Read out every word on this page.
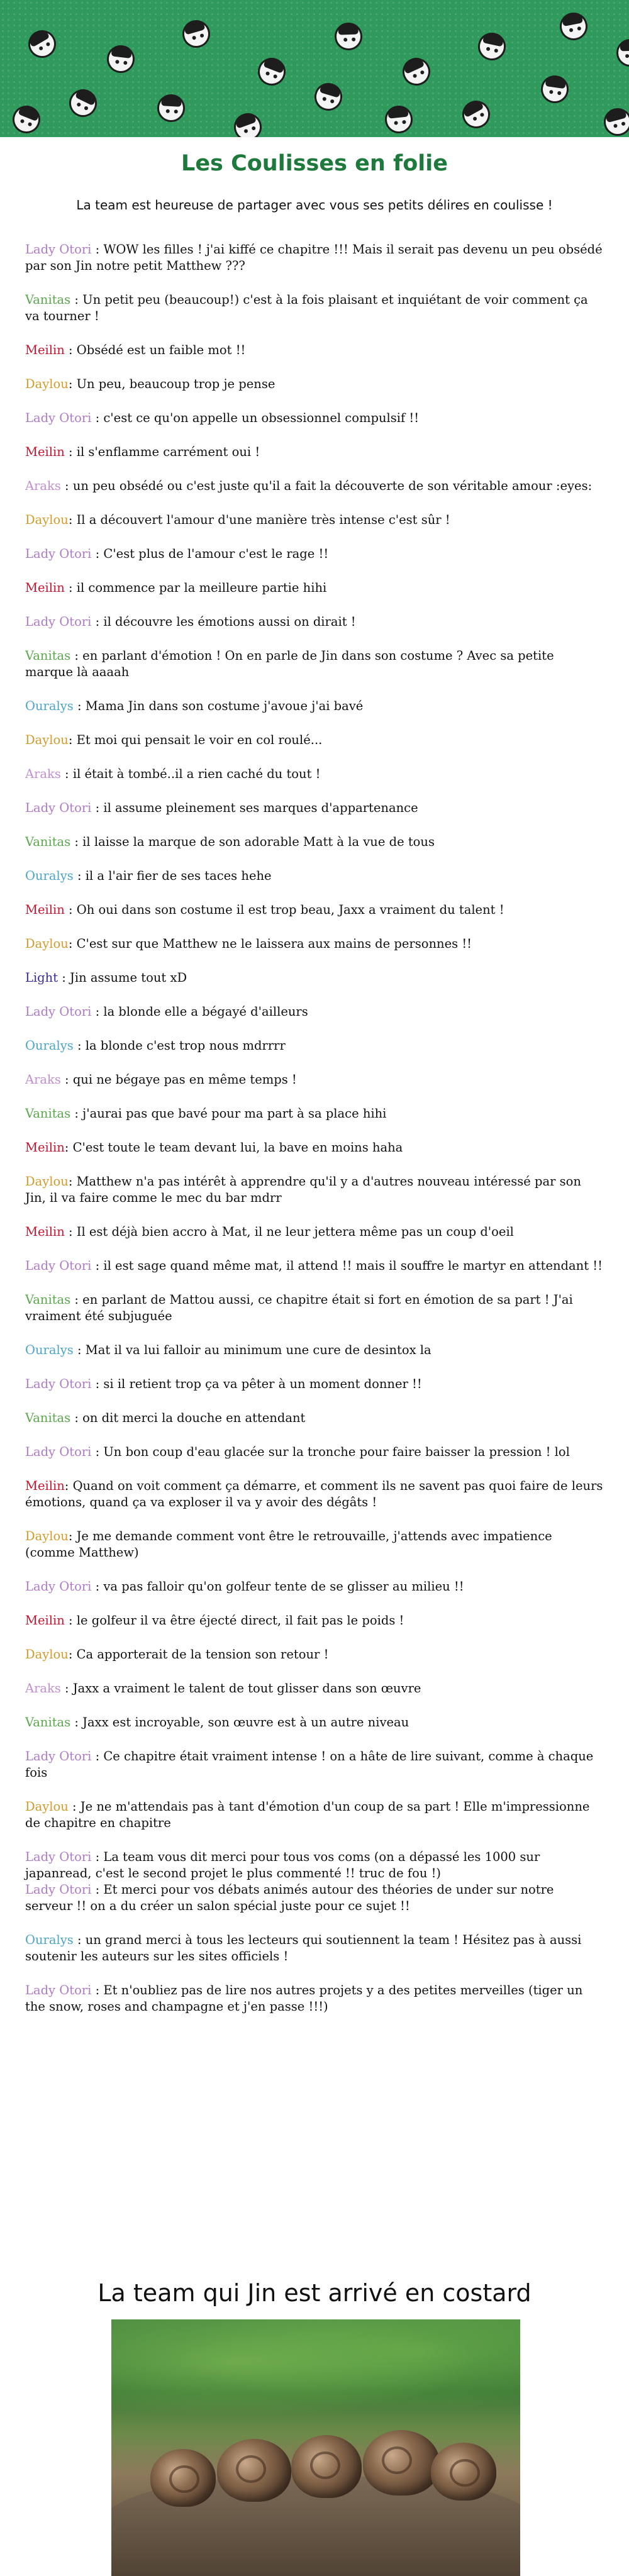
Les Coulisses en folie
La team est heureuse de partager avec vous ses petits délires en coulisse !

Lady Otori : WOW les filles ! j'ai kiffé ce chapitre !!! Mais il serait pas devenu un peu obsédé par son Jin notre petit Matthew ???

Vanitas : Un petit peu (beaucoup!) c'est à la fois plaisant et inquiétant de voir comment ça va tourner !

Meilin : Obsédé est un faible mot !!

Daylou: Un peu, beaucoup trop je pense

Lady Otori : c'est ce qu'on appelle un obsessionnel compulsif !!

Meilin : il s'enflamme carrément oui !

Araks : un peu obsédé ou c'est juste qu'il a fait la découverte de son véritable amour :eyes:

Daylou: Il a découvert l'amour d'une manière très intense c'est sûr !

Lady Otori : C'est plus de l'amour c'est le rage !!

Meilin : il commence par la meilleure partie hihi

Lady Otori : il découvre les émotions aussi on dirait !

Vanitas : en parlant d'émotion ! On en parle de Jin dans son costume ? Avec sa petite marque là aaaah

Ouralys : Mama Jin dans son costume j'avoue j'ai bavé

Daylou: Et moi qui pensait le voir en col roulé...

Araks : il était à tombé..il a rien caché du tout !

Lady Otori : il assume pleinement ses marques d'appartenance

Vanitas : il laisse la marque de son adorable Matt à la vue de tous

Ouralys : il a l'air fier de ses taces hehe

Meilin : Oh oui dans son costume il est trop beau, Jaxx a vraiment du talent !

Daylou: C'est sur que Matthew ne le laissera aux mains de personnes !!

Light : Jin assume tout xD

Lady Otori : la blonde elle a bégayé d'ailleurs

Ouralys : la blonde c'est trop nous mdrrrr

Araks : qui ne bégaye pas en même temps !

Vanitas : j'aurai pas que bavé pour ma part à sa place hihi

Meilin: C'est toute le team devant lui, la bave en moins haha

Daylou: Matthew n'a pas intérêt à apprendre qu'il y a d'autres nouveau intéressé par son Jin, il va faire comme le mec du bar mdrr

Meilin : Il est déjà bien accro à Mat, il ne leur jettera même pas un coup d'oeil

Lady Otori : il est sage quand même mat, il attend !! mais il souffre le martyr en attendant !!

Vanitas : en parlant de Mattou aussi, ce chapitre était si fort en émotion de sa part ! J'ai vraiment été subjuguée

Ouralys : Mat il va lui falloir au minimum une cure de desintox la

Lady Otori : si il retient trop ça va pêter à un moment donner !!

Vanitas : on dit merci la douche en attendant

Lady Otori : Un bon coup d'eau glacée sur la tronche pour faire baisser la pression ! lol

Meilin: Quand on voit comment ça démarre, et comment ils ne savent pas quoi faire de leurs émotions, quand ça va exploser il va y avoir des dégâts !

Daylou: Je me demande comment vont être le retrouvaille, j'attends avec impatience (comme Matthew)

Lady Otori : va pas falloir qu'on golfeur tente de se glisser au milieu !!

Meilin : le golfeur il va être éjecté direct, il fait pas le poids !

Daylou: Ca apporterait de la tension son retour !

Araks : Jaxx a vraiment le talent de tout glisser dans son œuvre

Vanitas : Jaxx est incroyable, son œuvre est à un autre niveau

Lady Otori : Ce chapitre était vraiment intense ! on a hâte de lire suivant, comme à chaque fois

Daylou : Je ne m'attendais pas à tant d'émotion d'un coup de sa part ! Elle m'impressionne de chapitre en chapitre

Lady Otori : La team vous dit merci pour tous vos coms (on a dépassé les 1000 sur japanread, c'est le second projet le plus commenté !! truc de fou !)

Lady Otori : Et merci pour vos débats animés autour des théories de under sur notre serveur !! on a du créer un salon spécial juste pour ce sujet !!

Ouralys : un grand merci à tous les lecteurs qui soutiennent la team ! Hésitez pas à aussi soutenir les auteurs sur les sites officiels !

Lady Otori : Et n'oubliez pas de lire nos autres projets y a des petites merveilles (tiger un the snow, roses and champagne et j'en passe !!!)

La team qui Jin est arrivé en costard
